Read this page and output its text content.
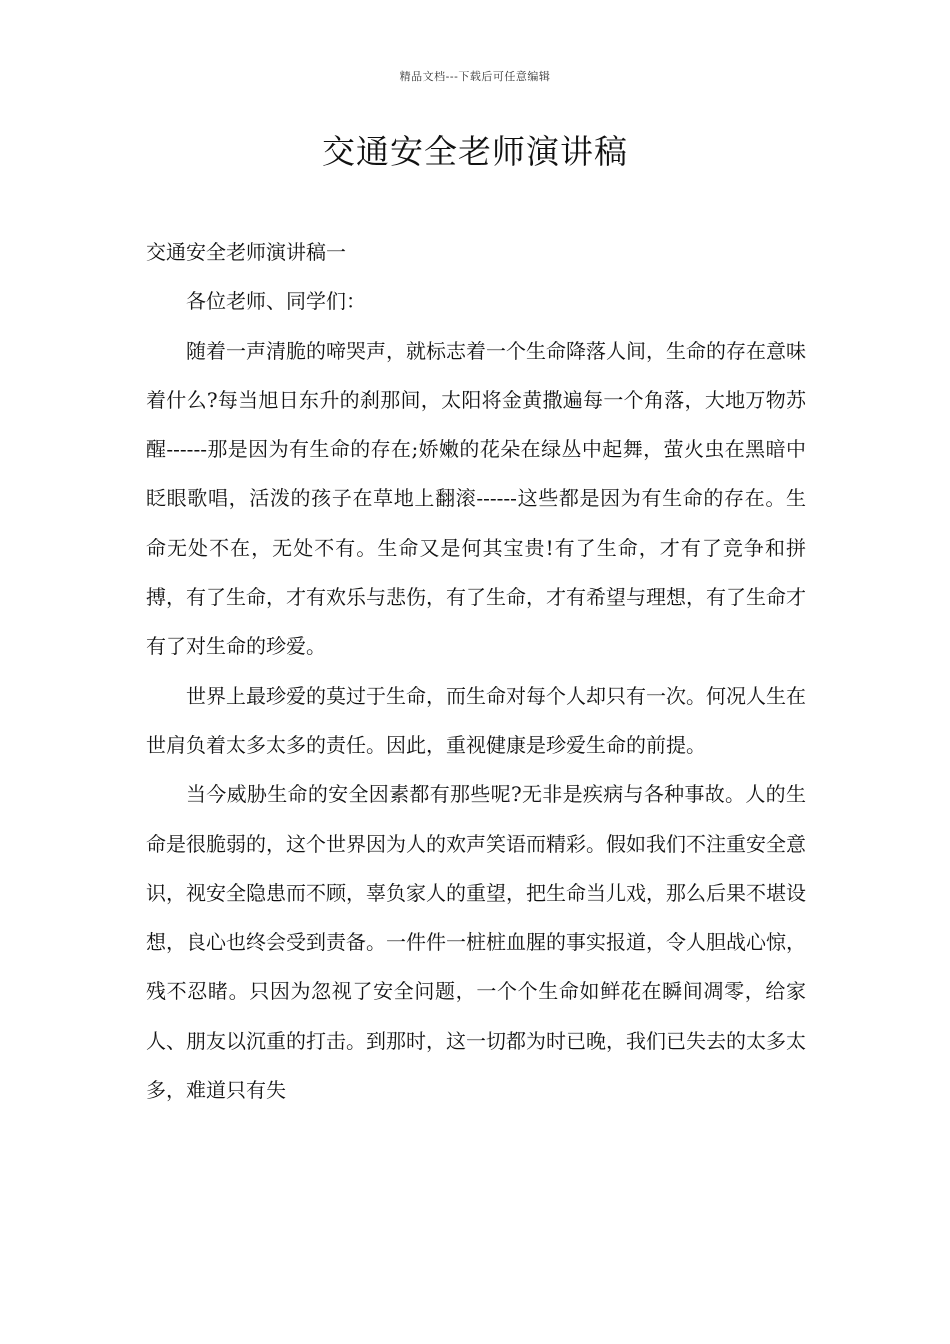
精品文档---下载后可任意编辑
交通安全老师演讲稿

交通安全老师演讲稿一

各位老师、同学们：

随着一声清脆的啼哭声，就标志着一个生命降落人间，生命的存在意味着什么?每当旭日东升的刹那间，太阳将金黄撒遍每一个角落，大地万物苏醒------那是因为有生命的存在;娇嫩的花朵在绿丛中起舞，萤火虫在黑暗中眨眼歌唱，活泼的孩子在草地上翻滚------这些都是因为有生命的存在。生命无处不在，无处不有。生命又是何其宝贵!有了生命，才有了竞争和拼搏，有了生命，才有欢乐与悲伤，有了生命，才有希望与理想，有了生命才有了对生命的珍爱。

世界上最珍爱的莫过于生命，而生命对每个人却只有一次。何况人生在世肩负着太多太多的责任。因此，重视健康是珍爱生命的前提。

当今威胁生命的安全因素都有那些呢?无非是疾病与各种事故。人的生命是很脆弱的，这个世界因为人的欢声笑语而精彩。假如我们不注重安全意识，视安全隐患而不顾，辜负家人的重望，把生命当儿戏，那么后果不堪设想，良心也终会受到责备。一件件一桩桩血腥的事实报道，令人胆战心惊，残不忍睹。只因为忽视了安全问题，一个个生命如鲜花在瞬间凋零，给家人、朋友以沉重的打击。到那时，这一切都为时已晚，我们已失去的太多太多，难道只有失
